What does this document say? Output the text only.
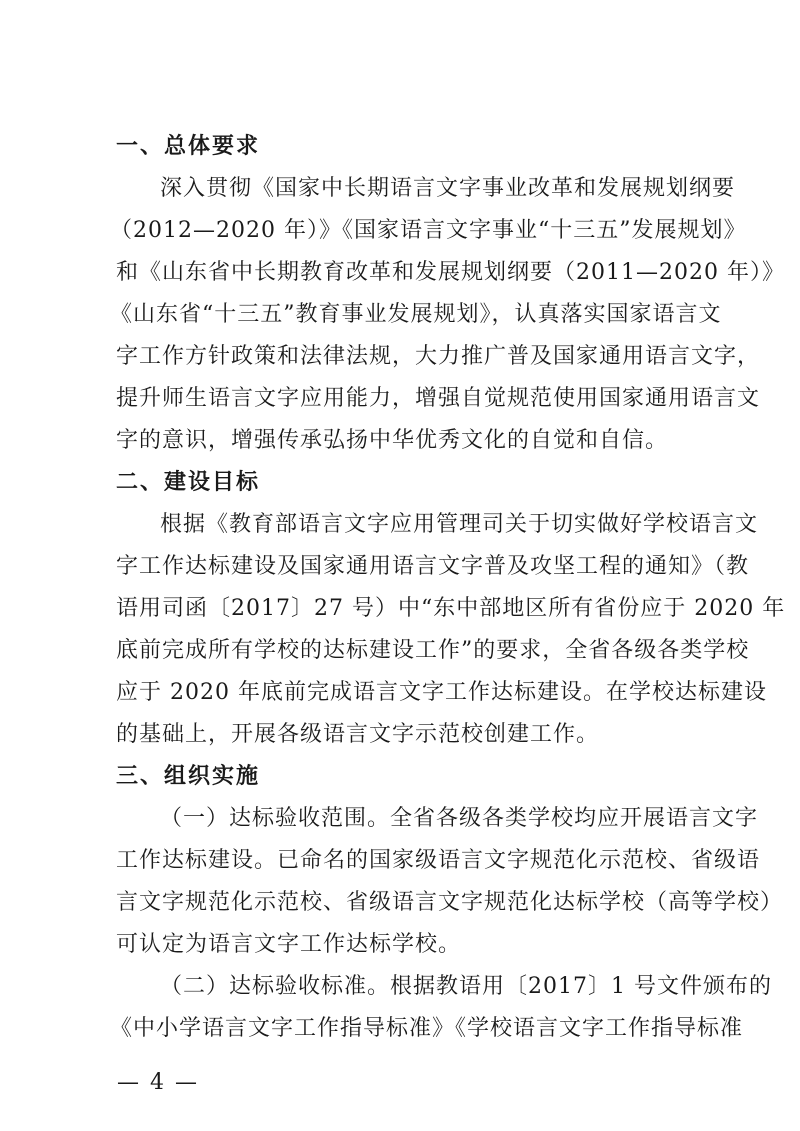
一、总体要求
深入贯彻《国家中长期语言文字事业改革和发展规划纲要
（2012—2020 年）》《国家语言文字事业“十三五”发展规划》
和《山东省中长期教育改革和发展规划纲要（2011—2020 年）》
《山东省“十三五”教育事业发展规划》，认真落实国家语言文
字工作方针政策和法律法规，大力推广普及国家通用语言文字，
提升师生语言文字应用能力，增强自觉规范使用国家通用语言文
字的意识，增强传承弘扬中华优秀文化的自觉和自信。
二、建设目标
根据《教育部语言文字应用管理司关于切实做好学校语言文
字工作达标建设及国家通用语言文字普及攻坚工程的通知》（教
语用司函〔2017〕27 号）中“东中部地区所有省份应于 2020 年
底前完成所有学校的达标建设工作”的要求，全省各级各类学校
应于 2020 年底前完成语言文字工作达标建设。在学校达标建设
的基础上，开展各级语言文字示范校创建工作。
三、组织实施
（一）达标验收范围。全省各级各类学校均应开展语言文字
工作达标建设。已命名的国家级语言文字规范化示范校、省级语
言文字规范化示范校、省级语言文字规范化达标学校（高等学校）
可认定为语言文字工作达标学校。
（二）达标验收标准。根据教语用〔2017〕1 号文件颁布的
《中小学语言文字工作指导标准》《学校语言文字工作指导标准
— 4 —
